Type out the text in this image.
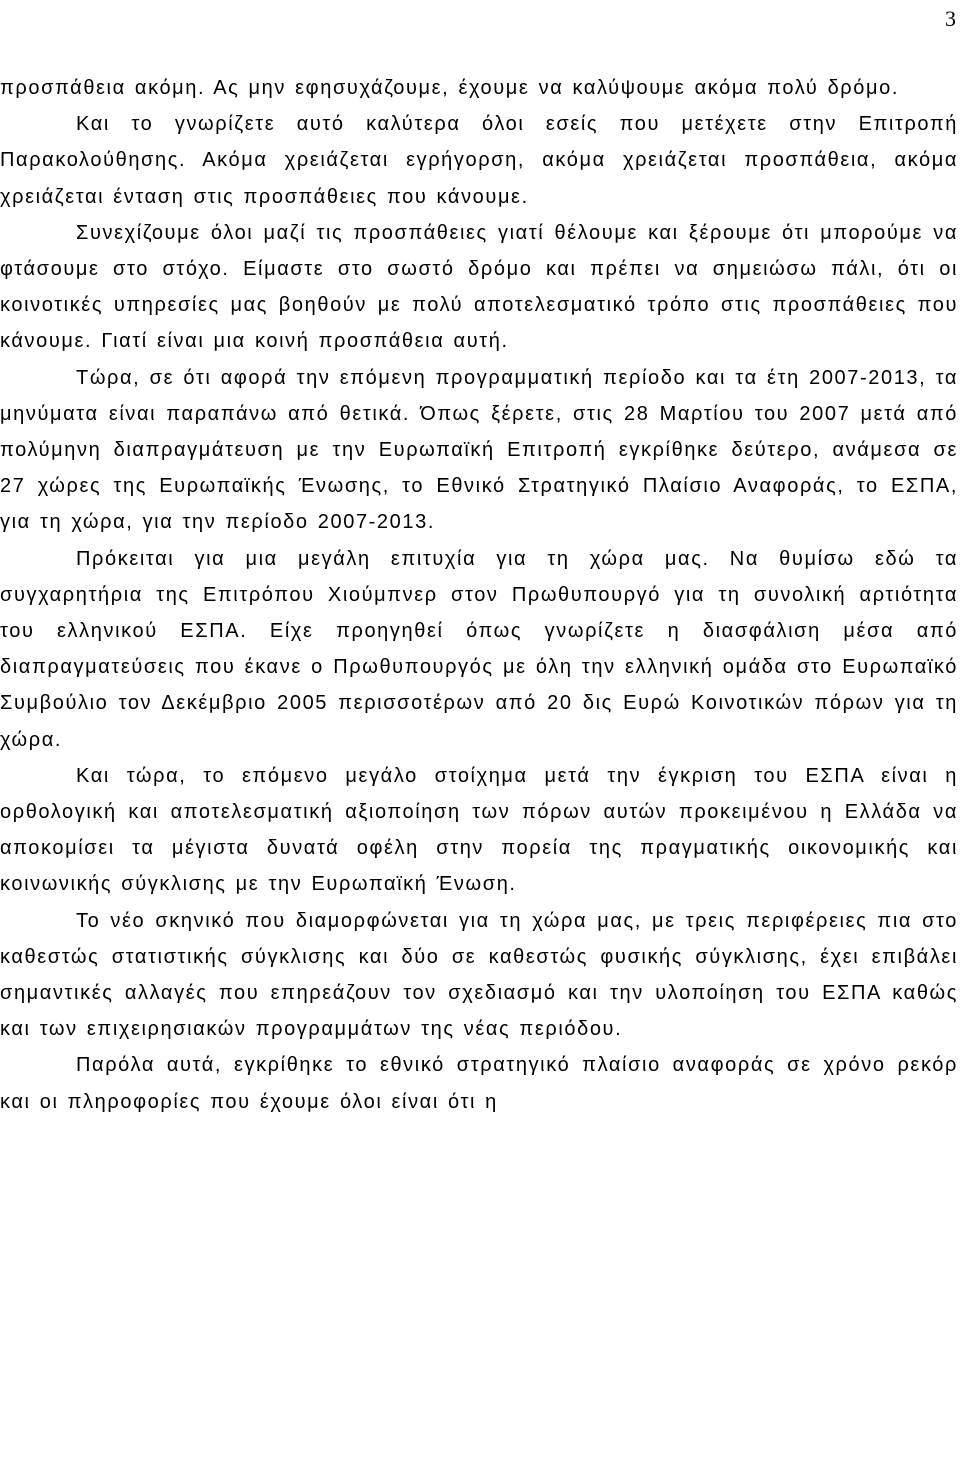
3

προσπάθεια ακόμη. Ας μην εφησυχάζουμε, έχουμε να καλύψουμε ακόμα πολύ δρόμο.

Και το γνωρίζετε αυτό καλύτερα όλοι εσείς που μετέχετε στην Επιτροπή Παρακολούθησης. Ακόμα χρειάζεται εγρήγορση, ακόμα χρειάζεται προσπάθεια, ακόμα χρειάζεται ένταση στις προσπάθειες που κάνουμε.

Συνεχίζουμε όλοι μαζί τις προσπάθειες γιατί θέλουμε και ξέρουμε ότι μπορούμε να φτάσουμε στο στόχο. Είμαστε στο σωστό δρόμο και πρέπει να σημειώσω πάλι, ότι οι κοινοτικές υπηρεσίες μας βοηθούν με πολύ αποτελεσματικό τρόπο στις προσπάθειες που κάνουμε. Γιατί είναι μια κοινή προσπάθεια αυτή.

Τώρα, σε ότι αφορά την επόμενη προγραμματική περίοδο και τα έτη 2007-2013, τα μηνύματα είναι παραπάνω από θετικά. Όπως ξέρετε, στις 28 Μαρτίου του 2007 μετά από πολύμηνη διαπραγμάτευση με την Ευρωπαϊκή Επιτροπή εγκρίθηκε δεύτερο, ανάμεσα σε 27 χώρες της Ευρωπαϊκής Ένωσης, το Εθνικό Στρατηγικό Πλαίσιο Αναφοράς, το ΕΣΠΑ, για τη χώρα, για την περίοδο 2007-2013.

Πρόκειται για μια μεγάλη επιτυχία για τη χώρα μας. Να θυμίσω εδώ τα συγχαρητήρια της Επιτρόπου Χιούμπνερ στον Πρωθυπουργό για τη συνολική αρτιότητα του ελληνικού ΕΣΠΑ. Είχε προηγηθεί όπως γνωρίζετε η διασφάλιση μέσα από διαπραγματεύσεις που έκανε ο Πρωθυπουργός με όλη την ελληνική ομάδα στο Ευρωπαϊκό Συμβούλιο τον Δεκέμβριο 2005 περισσοτέρων από 20 δις Ευρώ Κοινοτικών πόρων για τη χώρα.

Και τώρα, το επόμενο μεγάλο στοίχημα μετά την έγκριση του ΕΣΠΑ είναι η ορθολογική και αποτελεσματική αξιοποίηση των πόρων αυτών προκειμένου η Ελλάδα να αποκομίσει τα μέγιστα δυνατά οφέλη στην πορεία της πραγματικής οικονομικής και κοινωνικής σύγκλισης με την Ευρωπαϊκή Ένωση.

Το νέο σκηνικό που διαμορφώνεται για τη χώρα μας, με τρεις περιφέρειες πια στο καθεστώς στατιστικής σύγκλισης και δύο σε καθεστώς φυσικής σύγκλισης, έχει επιβάλει σημαντικές αλλαγές που επηρεάζουν τον σχεδιασμό και την υλοποίηση του ΕΣΠΑ καθώς και των επιχειρησιακών προγραμμάτων της νέας περιόδου.

Παρόλα αυτά, εγκρίθηκε το εθνικό στρατηγικό πλαίσιο αναφοράς σε χρόνο ρεκόρ και οι πληροφορίες που έχουμε όλοι είναι ότι η
